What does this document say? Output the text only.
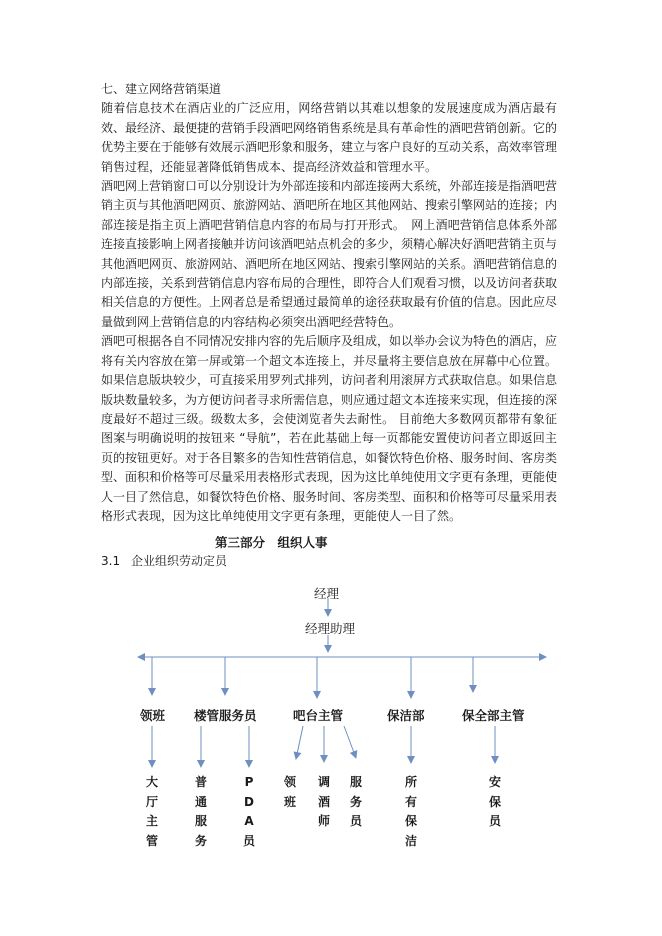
七、建立网络营销渠道

随着信息技术在酒店业的广泛应用，网络营销以其难以想象的发展速度成为酒店最有效、最经济、最便捷的营销手段酒吧网络销售系统是具有革命性的酒吧营销创新。它的优势主要在于能够有效展示酒吧形象和服务，建立与客户良好的互动关系，高效率管理销售过程，还能显著降低销售成本、提高经济效益和管理水平。

酒吧网上营销窗口可以分别设计为外部连接和内部连接两大系统，外部连接是指酒吧营销主页与其他酒吧网页、旅游网站、酒吧所在地区其他网站、搜索引擎网站的连接；内部连接是指主页上酒吧营销信息内容的布局与打开形式。　网上酒吧营销信息体系外部连接直接影响上网者接触并访问该酒吧站点机会的多少，须精心解决好酒吧营销主页与其他酒吧网页、旅游网站、酒吧所在地区网站、搜索引擎网站的关系。酒吧营销信息的内部连接，关系到营销信息内容布局的合理性，即符合人们观看习惯，以及访问者获取相关信息的方便性。上网者总是希望通过最简单的途径获取最有价值的信息。因此应尽量做到网上营销信息的内容结构必须突出酒吧经营特色。

酒吧可根据各自不同情况安排内容的先后顺序及组成，如以举办会议为特色的酒店，应将有关内容放在第一屏或第一个超文本连接上，并尽量将主要信息放在屏幕中心位置。如果信息版块较少，可直接采用罗列式排列，访问者利用滚屏方式获取信息。如果信息版块数量较多，为方便访问者寻求所需信息，则应通过超文本连接来实现，但连接的深度最好不超过三级。级数太多，会使浏览者失去耐性。 目前绝大多数网页都带有象征图案与明确说明的按钮来 “导航”，若在此基础上每一页都能安置使访问者立即返回主页的按钮更好。对于各目繁多的告知性营销信息，如餐饮特色价格、服务时间、客房类型、面积和价格等可尽量采用表格形式表现，因为这比单纯使用文字更有条理，更能使人一目了然信息，如餐饮特色价格、服务时间、客房类型、面积和价格等可尽量采用表格形式表现，因为这比单纯使用文字更有条理，更能使人一目了然。

第三部分　组织人事
3.1 企业组织劳动定员
经理
经理助理
领班 楼管服务员	吧台主管	保洁部	保全部主管
大厅主管
普通服务
PDA员
领班
调酒师
服务员
所有保洁
安保员
